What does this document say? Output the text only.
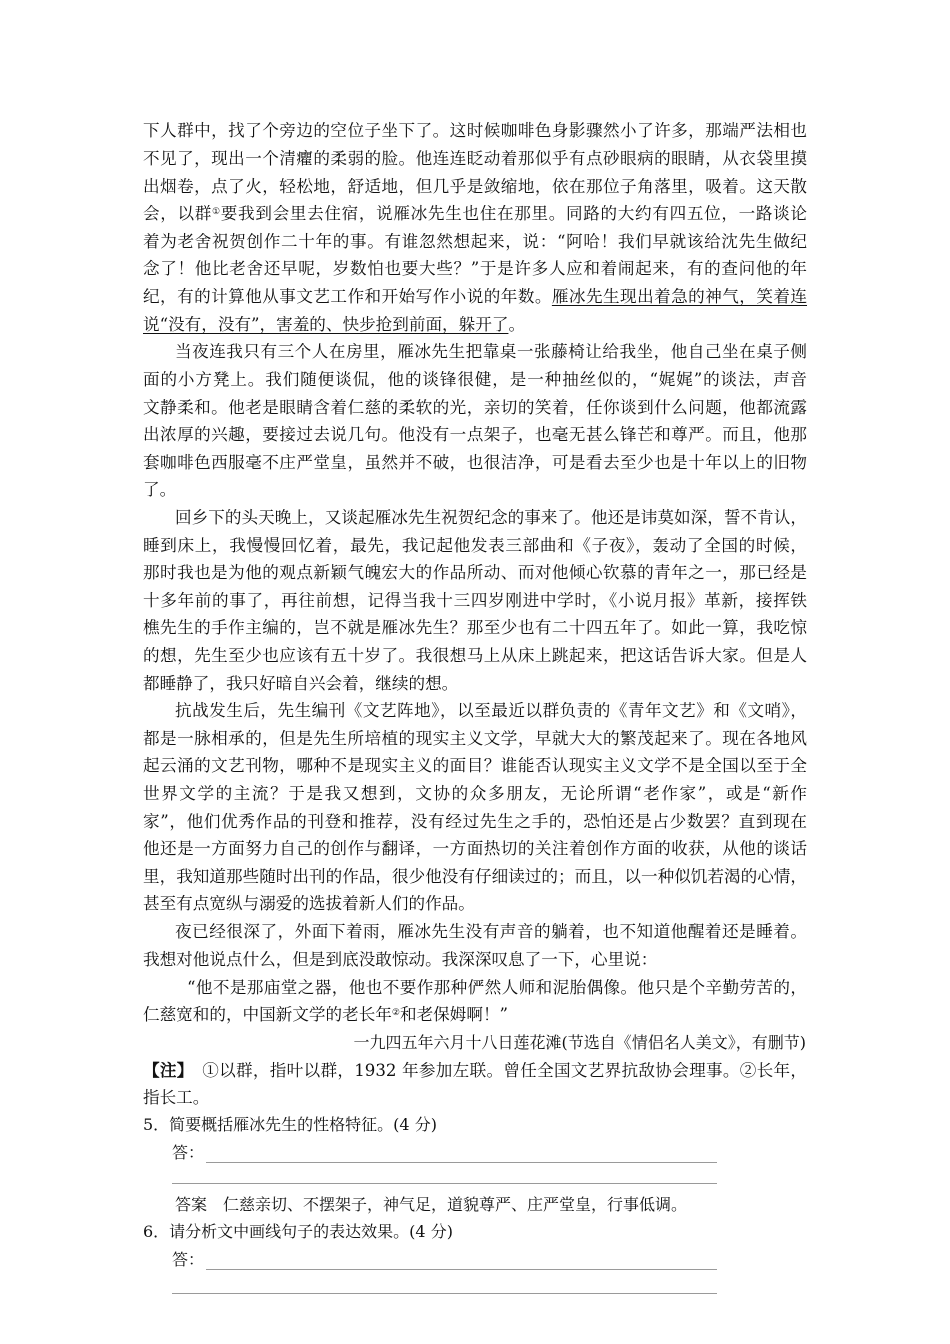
下人群中，找了个旁边的空位子坐下了。这时候咖啡色身影骤然小了许多，那端严法相也
不见了，现出一个清癯的柔弱的脸。他连连眨动着那似乎有点砂眼病的眼睛，从衣袋里摸
出烟卷，点了火，轻松地，舒适地，但几乎是敛缩地，依在那位子角落里，吸着。这天散
会，以群①要我到会里去住宿，说雁冰先生也住在那里。同路的大约有四五位，一路谈论
着为老舍祝贺创作二十年的事。有谁忽然想起来，说：“阿哈！我们早就该给沈先生做纪
念了！他比老舍还早呢，岁数怕也要大些？”于是许多人应和着闹起来，有的查问他的年
纪，有的计算他从事文艺工作和开始写作小说的年数。雁冰先生现出着急的神气，笑着连
说“没有，没有”，害羞的、快步抢到前面，躲开了。
当夜连我只有三个人在房里，雁冰先生把靠桌一张藤椅让给我坐，他自己坐在桌子侧
面的小方凳上。我们随便谈侃，他的谈锋很健，是一种抽丝似的，“娓娓”的谈法，声音
文静柔和。他老是眼睛含着仁慈的柔软的光，亲切的笑着，任你谈到什么问题，他都流露
出浓厚的兴趣，要接过去说几句。他没有一点架子，也毫无甚么锋芒和尊严。而且，他那
套咖啡色西服毫不庄严堂皇，虽然并不破，也很洁净，可是看去至少也是十年以上的旧物
了。
回乡下的头天晚上，又谈起雁冰先生祝贺纪念的事来了。他还是讳莫如深，誓不肯认，
睡到床上，我慢慢回忆着，最先，我记起他发表三部曲和《子夜》，轰动了全国的时候，
那时我也是为他的观点新颖气魄宏大的作品所动、而对他倾心钦慕的青年之一，那已经是
十多年前的事了，再往前想，记得当我十三四岁刚进中学时，《小说月报》革新，接挥铁
樵先生的手作主编的，岂不就是雁冰先生？那至少也有二十四五年了。如此一算，我吃惊
的想，先生至少也应该有五十岁了。我很想马上从床上跳起来，把这话告诉大家。但是人
都睡静了，我只好暗自兴会着，继续的想。
抗战发生后，先生编刊《文艺阵地》，以至最近以群负责的《青年文艺》和《文哨》，
都是一脉相承的，但是先生所培植的现实主义文学，早就大大的繁茂起来了。现在各地风
起云涌的文艺刊物，哪种不是现实主义的面目？谁能否认现实主义文学不是全国以至于全
世界文学的主流？于是我又想到，文协的众多朋友，无论所谓“老作家”，或是“新作
家”，他们优秀作品的刊登和推荐，没有经过先生之手的，恐怕还是占少数罢？直到现在
他还是一方面努力自己的创作与翻译，一方面热切的关注着创作方面的收获，从他的谈话
里，我知道那些随时出刊的作品，很少他没有仔细读过的；而且，以一种似饥若渴的心情，
甚至有点宽纵与溺爱的选拔着新人们的作品。
夜已经很深了，外面下着雨，雁冰先生没有声音的躺着，也不知道他醒着还是睡着。
我想对他说点什么，但是到底没敢惊动。我深深叹息了一下，心里说：
“他不是那庙堂之器，他也不要作那种俨然人师和泥胎偶像。他只是个辛勤劳苦的，
仁慈宽和的，中国新文学的老长年②和老保姆啊！”
一九四五年六月十八日莲花滩(节选自《情侣名人美文》，有删节)
【注】　 ①以群，指叶以群，1932 年参加左联。曾任全国文艺界抗敌协会理事。②长年，
指长工。
5．简要概括雁冰先生的性格特征。(4 分)
答：
答案　仁慈亲切、不摆架子，神气足，道貌尊严、庄严堂皇，行事低调。
6．请分析文中画线句子的表达效果。(4 分)
答：
